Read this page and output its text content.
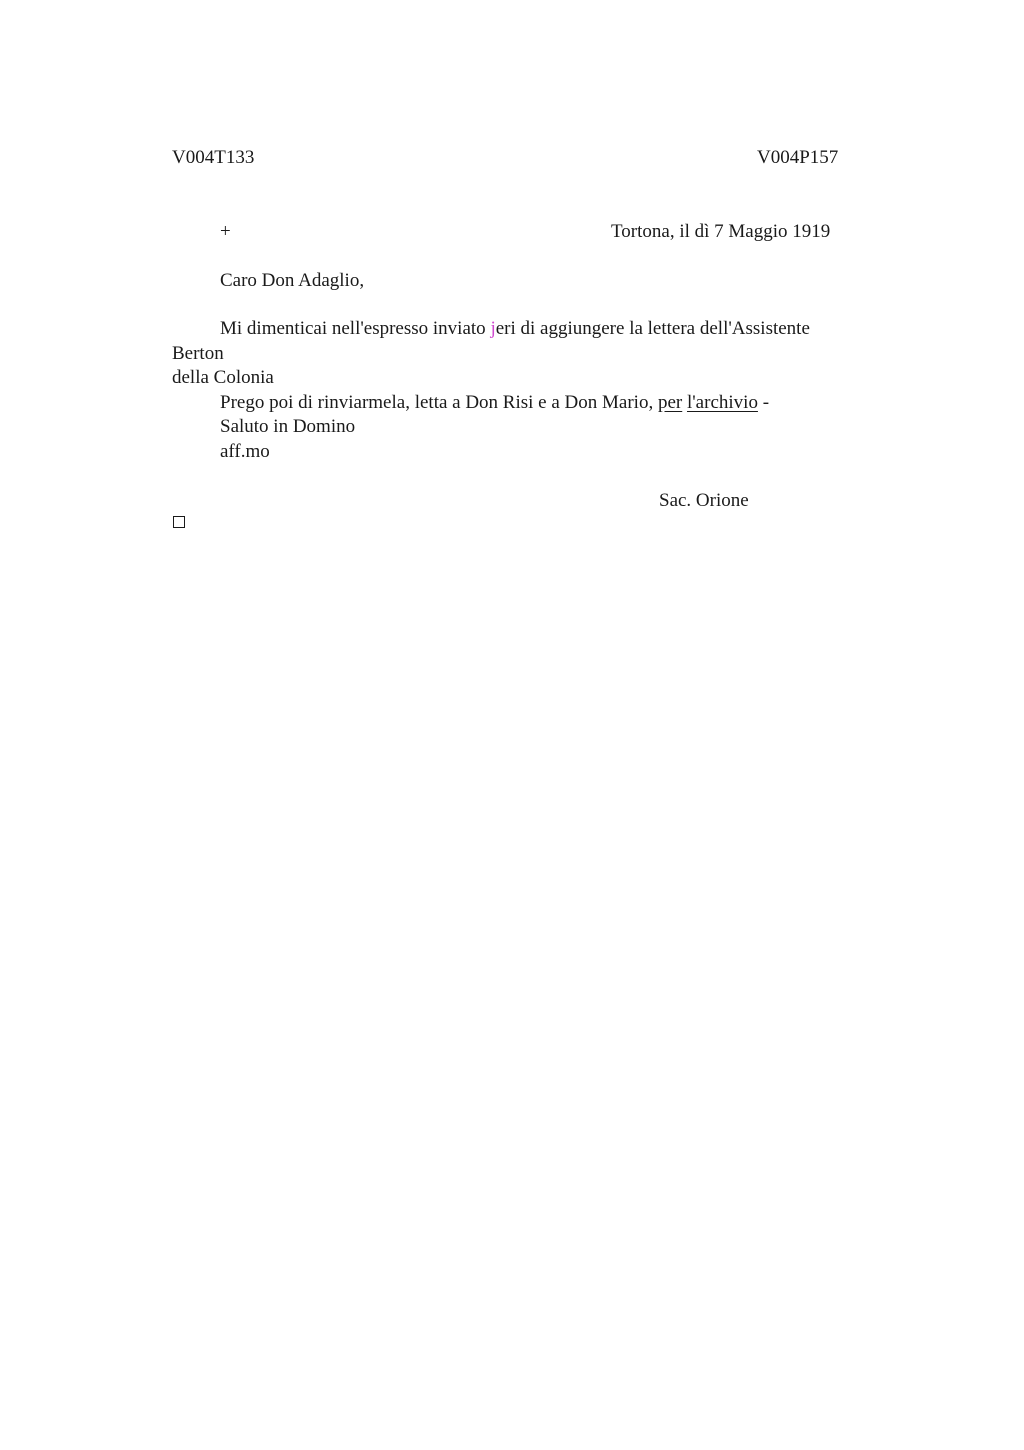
V004T133	V004P157
+	Tortona, il dì 7 Maggio 1919
Caro Don Adaglio,
Mi dimenticai nell'espresso inviato jeri di aggiungere la lettera dell'Assistente
Berton
della Colonia
Prego poi di rinviarmela, letta a Don Risi e a Don Mario, per l'archivio -
Saluto in Domino
aff.mo
Sac. Orione
